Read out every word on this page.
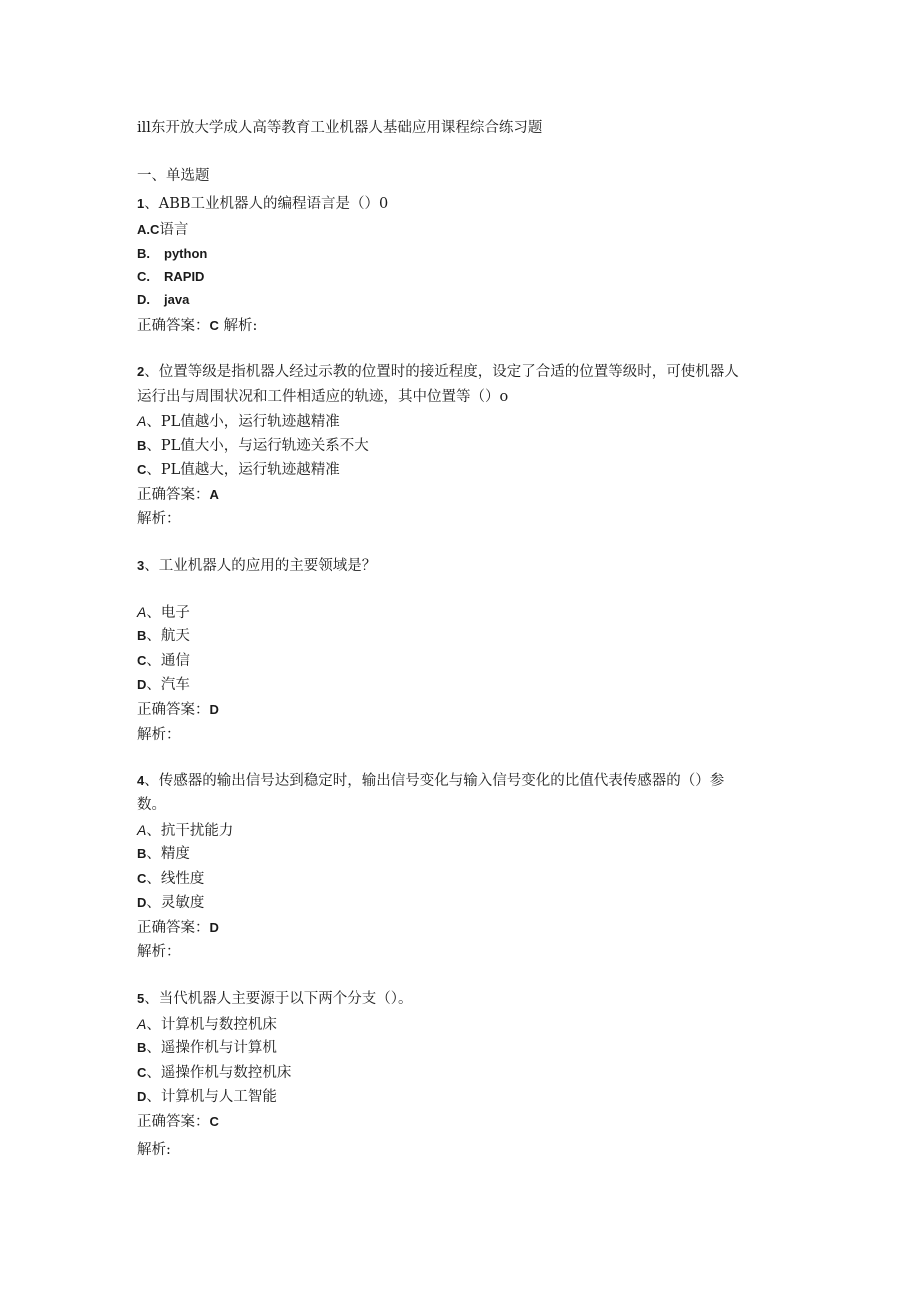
ill东开放大学成人高等教育工业机器人基础应用课程综合练习题
一、单选题
1、ABB工业机器人的编程语言是（）0
A.C语言
B. python
C. RAPID
D. java
正确答案：C 解析:
2、位置等级是指机器人经过示教的位置时的接近程度，设定了合适的位置等级时，可使机器人
运行出与周围状况和工件相适应的轨迹，其中位置等（）o
A、PL值越小，运行轨迹越精准
B、PL值大小，与运行轨迹关系不大
C、PL值越大，运行轨迹越精准
正确答案：A
解析：
3、工业机器人的应用的主要领域是？
A、电子
B、航天
C、通信
D、汽车
正确答案：D
解析：
4、传感器的输出信号达到稳定时，输出信号变化与输入信号变化的比值代表传感器的（）参
数。
A、抗干扰能力
B、精度
C、线性度
D、灵敏度
正确答案：D
解析：
5、当代机器人主要源于以下两个分支（）。
A、计算机与数控机床
B、遥操作机与计算机
C、遥操作机与数控机床
D、计算机与人工智能
正确答案：C
解析:
